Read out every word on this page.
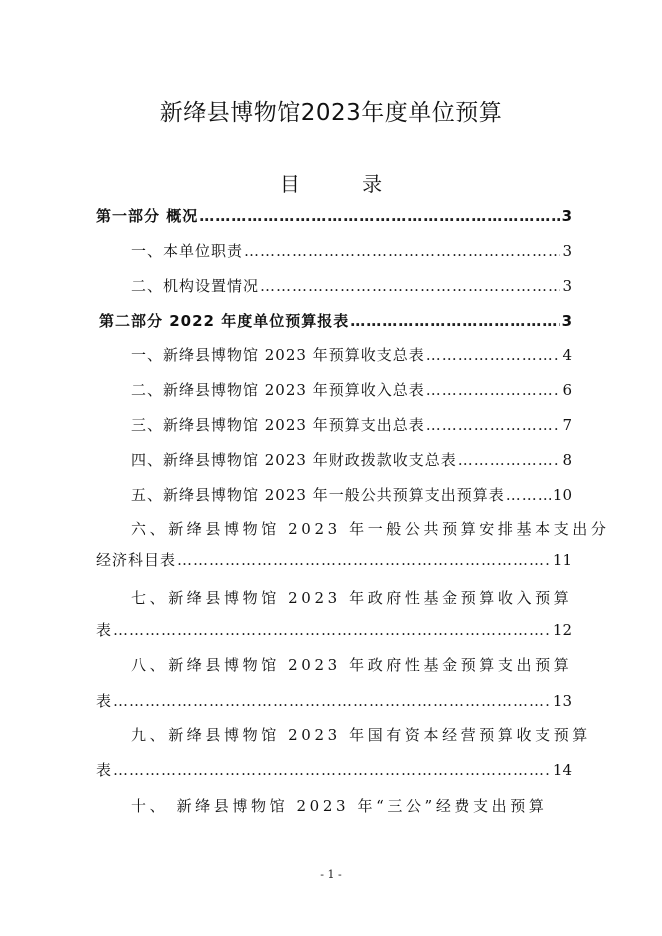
新绛县博物馆2023年度单位预算
目 录
第一部分 概况 …………………………………………………………………………………………………………………………	3
一、本单位职责 …………………………………………………………………………………………………………………………	3
二、机构设置情况 …………………………………………………………………………………………………………………………	3
第二部分 2022 年度单位预算报表 …………………………………………………………………………………………………………………………	3
一、新绛县博物馆 2023 年预算收支总表 …………………………………………………………………………………………………………………………	4
二、新绛县博物馆 2023 年预算收入总表 …………………………………………………………………………………………………………………………	6
三、新绛县博物馆 2023 年预算支出总表 …………………………………………………………………………………………………………………………	7
四、新绛县博物馆 2023 年财政拨款收支总表 …………………………………………………………………………………………………………………………	8
五、新绛县博物馆 2023 年一般公共预算支出预算表 …………………………………………………………………………………………………………………………	10
六、新绛县博物馆 2023 年一般公共预算安排基本支出分
经济科目表 …………………………………………………………………………………………………………………………	11
七、新绛县博物馆 2023 年政府性基金预算收入预算
表 …………………………………………………………………………………………………………………………	12
八、新绛县博物馆 2023 年政府性基金预算支出预算
表 …………………………………………………………………………………………………………………………	13
九、新绛县博物馆 2023 年国有资本经营预算收支预算
表 …………………………………………………………………………………………………………………………	14
十、 新绛县博物馆 2023 年“三公”经费支出预算
- 1 -
